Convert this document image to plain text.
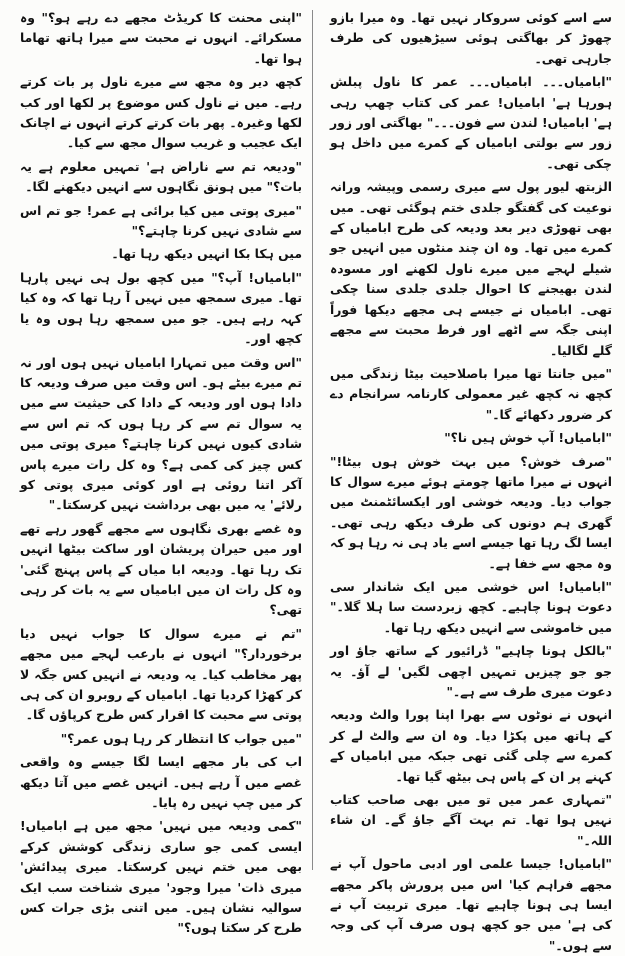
سے اسے کوئی سروکار نہیں تھا۔ وہ میرا بازو چھوڑ کر بھاگتی ہوئی سیڑھیوں کی طرف جارہی تھی۔

"ابامیاں۔۔۔ ابامیاں۔۔۔ عمر کا ناول پبلش ہورہا ہے' ابامیاں! عمر کی کتاب چھپ رہی ہے' ابامیاں! لندن سے فون۔۔۔" بھاگتی اور زور زور سے بولتی ابامیاں کے کمرے میں داخل ہو چکی تھی۔

الزبتھ لیور پول سے میری رسمی وپیشہ ورانہ نوعیت کی گفتگو جلدی ختم ہوگئی تھی۔ میں بھی تھوڑی دیر بعد ودیعہ کی طرح ابامیاں کے کمرے میں تھا۔ وہ ان چند منٹوں میں انہیں جو شیلے لہجے میں میرے ناول لکھنے اور مسودہ لندن بھیجنے کا احوال جلدی جلدی سنا چکی تھی۔ ابامیاں نے جیسے ہی مجھے دیکھا فوراً اپنی جگہ سے اٹھے اور فرط محبت سے مجھے گلے لگالیا۔

"میں جانتا تھا میرا باصلاحیت بیٹا زندگی میں کچھ نہ کچھ غیر معمولی کارنامہ سرانجام دے کر ضرور دکھائے گا۔"

"ابامیاں! آپ خوش ہیں نا؟"

"صرف خوش؟ میں بہت خوش ہوں بیٹا!" انہوں نے میرا ماتھا چومتے ہوئے میرے سوال کا جواب دیا۔ ودیعہ خوشی اور ایکسائٹمنٹ میں گھری ہم دونوں کی طرف دیکھ رہی تھی۔ ایسا لگ رہا تھا جیسے اسے یاد ہی نہ رہا ہو کہ وہ مجھ سے خفا ہے۔

"ابامیاں! اس خوشی میں ایک شاندار سی دعوت ہونا چاہیے۔ کچھ زبردست سا ہلا گلا۔" میں خاموشی سے انہیں دیکھ رہا تھا۔

"بالکل ہونا چاہیے" ڈرائیور کے ساتھ جاؤ اور جو جو چیزیں تمہیں اچھی لگیں' لے آؤ۔ یہ دعوت میری طرف سے ہے۔"

انہوں نے نوٹوں سے بھرا اپنا پورا والٹ ودیعہ کے ہاتھ میں پکڑا دیا۔ وہ ان سے والٹ لے کر کمرے سے چلی گئی تھی جبکہ میں ابامیاں کے کہنے پر ان کے پاس ہی بیٹھ گیا تھا۔

"تمہاری عمر میں تو میں بھی صاحب کتاب نہیں ہوا تھا۔ تم بہت آگے جاؤ گے۔ ان شاء اللہ۔"

"ابامیاں! جیسا علمی اور ادبی ماحول آپ نے مجھے فراہم کیا' اس میں پرورش پاکر مجھے ایسا ہی ہونا چاہیے تھا۔ میری تربیت آپ نے کی ہے' میں جو کچھ ہوں صرف آپ کی وجہ سے ہوں۔"

"اپنی محنت کا کریڈٹ مجھے دے رہے ہو؟" وہ مسکرائے۔ انہوں نے محبت سے میرا ہاتھ تھاما ہوا تھا۔

کچھ دیر وہ مجھ سے میرے ناول پر بات کرتے رہے۔ میں نے ناول کس موضوع پر لکھا اور کب لکھا وغیرہ۔ پھر بات کرتے کرتے انہوں نے اچانک ایک عجیب و غریب سوال مجھ سے کیا۔

"ودیعہ تم سے ناراض ہے' تمہیں معلوم ہے یہ بات؟" میں ہونق نگاہوں سے انہیں دیکھنے لگا۔

"میری پوتی میں کیا برائی ہے عمر! جو تم اس سے شادی نہیں کرنا چاہتے؟"

میں ہکا بکا انہیں دیکھ رہا تھا۔

"ابامیاں! آپ؟" میں کچھ بول ہی نہیں پارہا تھا۔ میری سمجھ میں نہیں آ رہا تھا کہ وہ کیا کہہ رہے ہیں۔ جو میں سمجھ رہا ہوں وہ یا کچھ اور۔

"اس وقت میں تمہارا ابامیاں نہیں ہوں اور نہ تم میرے بیٹے ہو۔ اس وقت میں صرف ودیعہ کا دادا ہوں اور ودیعہ کے دادا کی حیثیت سے میں یہ سوال تم سے کر رہا ہوں کہ تم اس سے شادی کیوں نہیں کرنا چاہتے؟ میری پوتی میں کس چیز کی کمی ہے؟ وہ کل رات میرے پاس آکر اتنا روئی ہے اور کوئی میری پوتی کو رلائے' یہ میں بھی برداشت نہیں کرسکتا۔"

وہ غصے بھری نگاہوں سے مجھے گھور رہے تھے اور میں حیران پریشان اور ساکت بیٹھا انہیں تک رہا تھا۔ ودیعہ ابا میاں کے پاس پہنچ گئی' وہ کل رات ان میں ابامیاں سے یہ بات کر رہی تھی؟

"تم نے میرے سوال کا جواب نہیں دیا برخوردار؟" انہوں نے بارعب لہجے میں مجھے پھر مخاطب کیا۔ یہ ودیعہ نے انہیں کس جگہ لا کر کھڑا کردیا تھا۔ ابامیاں کے روبرو ان کی ہی پوتی سے محبت کا اقرار کس طرح کرپاؤں گا۔

"میں جواب کا انتظار کر رہا ہوں عمر؟"

اب کی بار مجھے ایسا لگا جیسے وہ واقعی غصے میں آ رہے ہیں۔ انہیں غصے میں آتا دیکھ کر میں چپ نہیں رہ پایا۔

"کمی ودیعہ میں نہیں' مجھ میں ہے ابامیاں! ایسی کمی جو ساری زندگی کوشش کرکے بھی میں ختم نہیں کرسکتا۔ میری پیدائش' میری ذات' میرا وجود' میری شناخت سب ایک سوالیہ نشان ہیں۔ میں اتنی بڑی جرات کس طرح کر سکتا ہوں؟"
